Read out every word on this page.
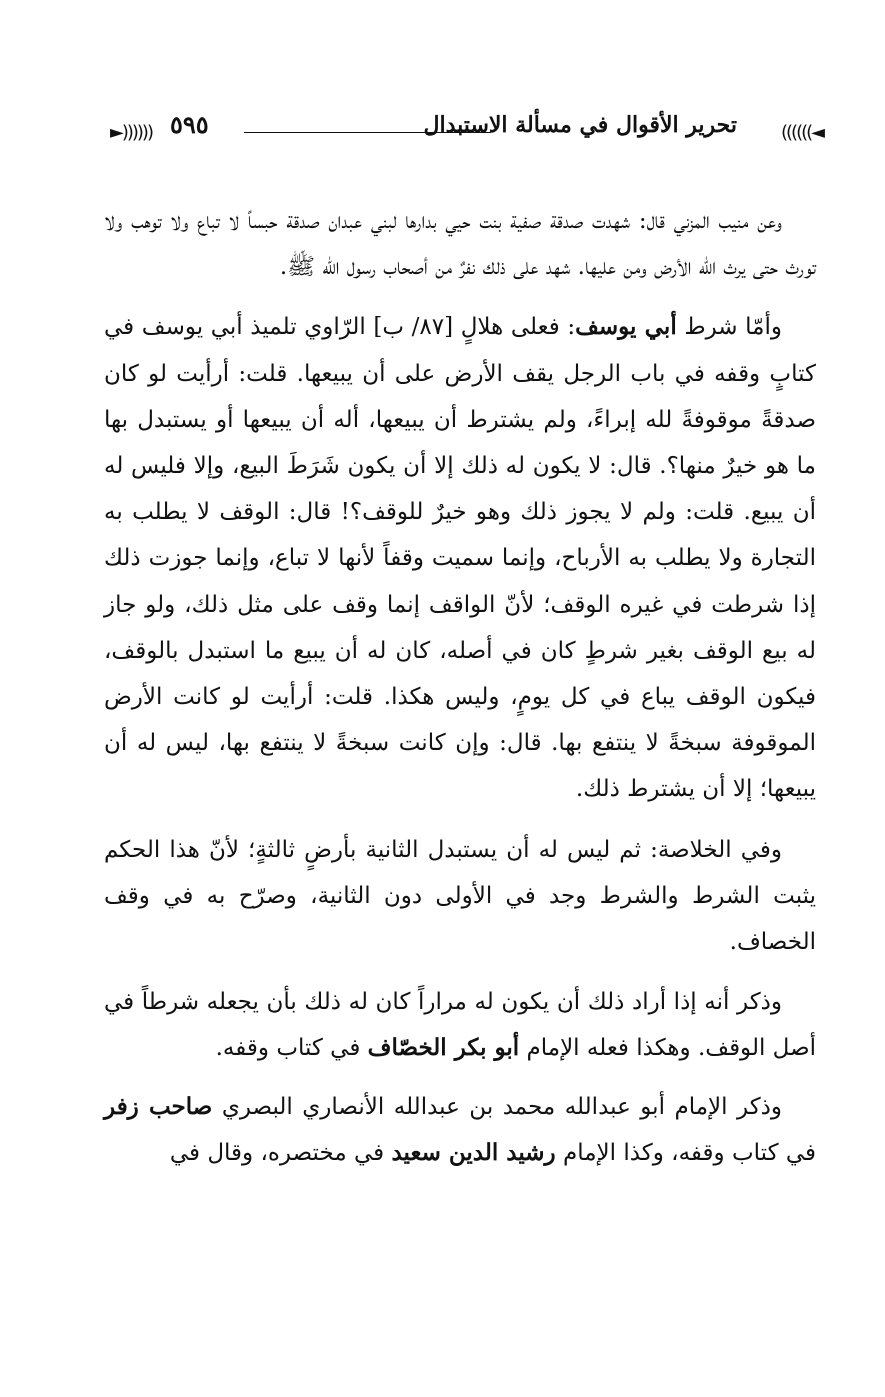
◄))))))
تحرير الأقوال في مسألة الاستبدال
٥٩٥
((((((►

وعن منيب المزني قال: شهدت صدقة صفية بنت حيي بدارها لبني عبدان صدقة حبساً لا تباع ولا توهب ولا تورث حتى يرث الله الأرض ومن عليها. شهد على ذلك نفرٌ من أصحاب رسول الله ﷺ.

وأمّا شرط أبي يوسف: فعلى هلالٍ [٨٧/ ب] الرّاوي تلميذ أبي يوسف في كتابٍ وقفه في باب الرجل يقف الأرض على أن يبيعها. قلت: أرأيت لو كان صدقةً موقوفةً لله إبراءً، ولم يشترط أن يبيعها، أله أن يبيعها أو يستبدل بها ما هو خيرٌ منها؟. قال: لا يكون له ذلك إلا أن يكون شَرَطَ البيع، وإلا فليس له أن يبيع. قلت: ولم لا يجوز ذلك وهو خيرٌ للوقف؟! قال: الوقف لا يطلب به التجارة ولا يطلب به الأرباح، وإنما سميت وقفاً لأنها لا تباع، وإنما جوزت ذلك إذا شرطت في غيره الوقف؛ لأنّ الواقف إنما وقف على مثل ذلك، ولو جاز له بيع الوقف بغير شرطٍ كان في أصله، كان له أن يبيع ما استبدل بالوقف، فيكون الوقف يباع في كل يومٍ، وليس هكذا. قلت: أرأيت لو كانت الأرض الموقوفة سبخةً لا ينتفع بها. قال: وإن كانت سبخةً لا ينتفع بها، ليس له أن يبيعها؛ إلا أن يشترط ذلك.

وفي الخلاصة: ثم ليس له أن يستبدل الثانية بأرضٍ ثالثةٍ؛ لأنّ هذا الحكم يثبت الشرط والشرط وجد في الأولى دون الثانية، وصرّح به في وقف الخصاف.

وذكر أنه إذا أراد ذلك أن يكون له مراراً كان له ذلك بأن يجعله شرطاً في أصل الوقف. وهكذا فعله الإمام أبو بكر الخصّاف في كتاب وقفه.

وذكر الإمام أبو عبدالله محمد بن عبدالله الأنصاري البصري صاحب زفر في كتاب وقفه، وكذا الإمام رشيد الدين سعيد في مختصره، وقال في
